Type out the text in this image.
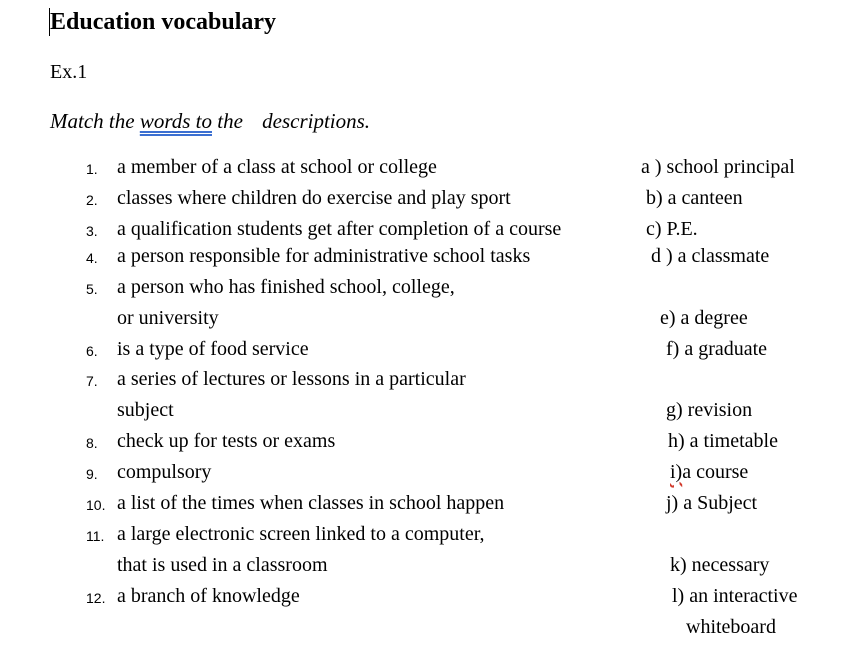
Education vocabulary
Ex.1
Match the words to the descriptions.
1. a member of a class at school or college	a ) school principal
2. classes where children do exercise and play sport	b) a canteen
3. a qualification students get after completion of a course	c) P.E.
4. a person responsible for administrative school tasks	d ) a classmate
5. a person who has finished school, college,
or university	e) a degree
6. is a type of food service	f) a graduate
7. a series of lectures or lessons in a particular
subject	g) revision
8. check up for tests or exams	h) a timetable
9. compulsory	i)a course
10. a list of the times when classes in school happen	j) a Subject
11. a large electronic screen linked to a computer,
that is used in a classroom	k) necessary
12. a branch of knowledge	l) an interactive
whiteboard
